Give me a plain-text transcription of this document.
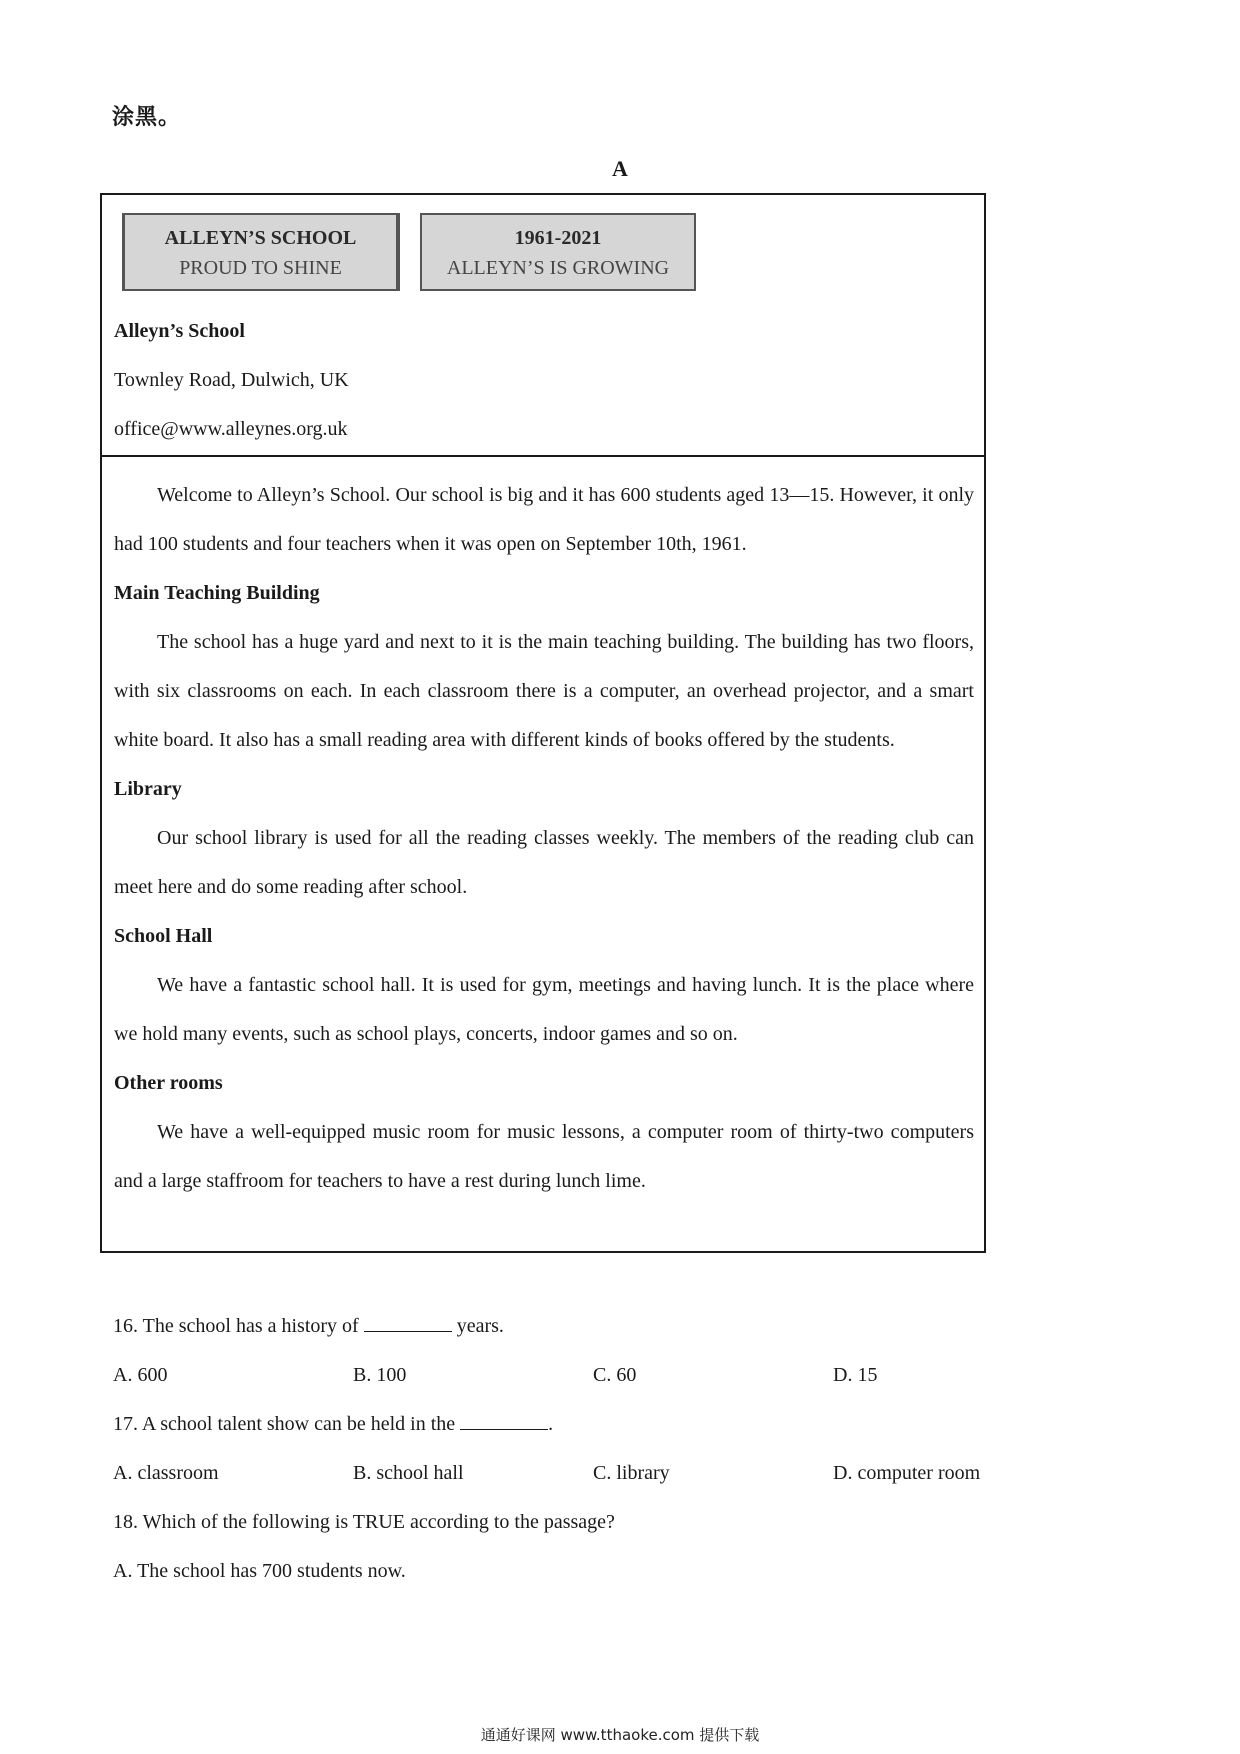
涂黑。
A
ALLEYN’S SCHOOL
PROUD TO SHINE
1961-2021
ALLEYN’S IS GROWING
Alleyn’s School
Townley Road, Dulwich, UK
office@www.alleynes.org.uk

Welcome to Alleyn’s School. Our school is big and it has 600 students aged 13—15. However, it only had 100 students and four teachers when it was open on September 10th, 1961.

Main Teaching Building

The school has a huge yard and next to it is the main teaching building. The building has two floors, with six classrooms on each. In each classroom there is a computer, an overhead projector, and a smart white board. It also has a small reading area with different kinds of books offered by the students.

Library

Our school library is used for all the reading classes weekly. The members of the reading club can meet here and do some reading after school.

School Hall

We have a fantastic school hall. It is used for gym, meetings and having lunch. It is the place where we hold many events, such as school plays, concerts, indoor games and so on.

Other rooms

We have a well-equipped music room for music lessons, a computer room of thirty-two computers and a large staffroom for teachers to have a rest during lunch lime.

16. The school has a history of	years.

A. 600	B. 100	C. 60	D. 15

17. A school talent show can be held in the	.

A. classroom	B. school hall	C. library	D. computer room

18. Which of the following is TRUE according to the passage?

A. The school has 700 students now.
通通好课网 www.tthaoke.com 提供下载
